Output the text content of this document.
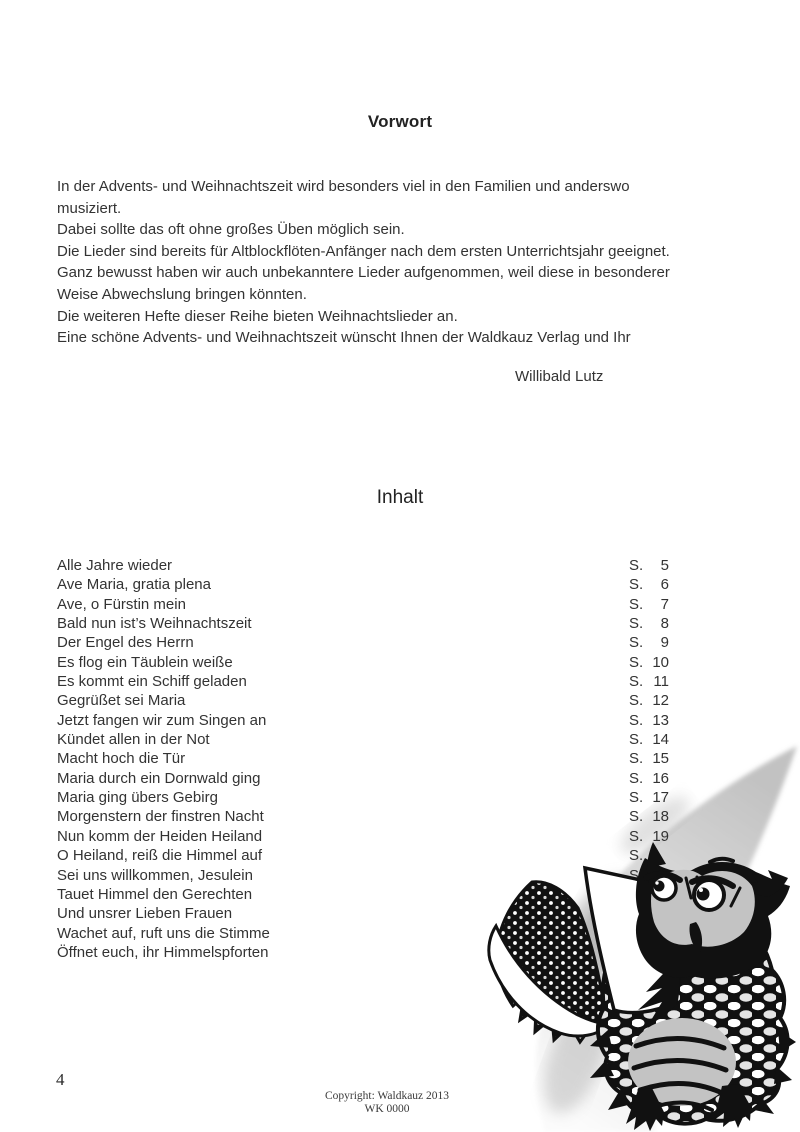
Vorwort
In der Advents- und Weihnachtszeit wird besonders viel in den Familien und anderswo
musiziert.
Dabei sollte das oft ohne großes Üben möglich sein.
Die Lieder sind bereits für Altblockflöten-Anfänger nach dem ersten Unterrichtsjahr geeignet.
Ganz bewusst haben wir auch unbekanntere Lieder aufgenommen, weil diese in besonderer
Weise Abwechslung bringen könnten.
Die weiteren Hefte dieser Reihe bieten Weihnachtslieder an.
Eine schöne Advents- und Weihnachtszeit wünscht Ihnen der Waldkauz Verlag und Ihr
Willibald Lutz
Inhalt
Alle Jahre wieder	S. 5
Ave Maria, gratia plena	S. 6
Ave, o Fürstin mein	S. 7
Bald nun ist’s Weihnachtszeit	S. 8
Der Engel des Herrn	S. 9
Es flog ein Täublein weiße	S. 10
Es kommt ein Schiff geladen	S. 11
Gegrüßet sei Maria	S. 12
Jetzt fangen wir zum Singen an	S. 13
Kündet allen in der Not	S. 14
Macht hoch die Tür	S. 15
Maria durch ein Dornwald ging	S. 16
Maria ging übers Gebirg	S. 17
Morgenstern der finstren Nacht	S. 18
Nun komm der Heiden Heiland	S. 19
O Heiland, reiß die Himmel auf	S.
Sei uns willkommen, Jesulein	S
Tauet Himmel den Gerechten
Und unsrer Lieben Frauen
Wachet auf, ruft uns die Stimme
Öffnet euch, ihr Himmelspforten
4
Copyright: Waldkauz 2013
WK 0000
